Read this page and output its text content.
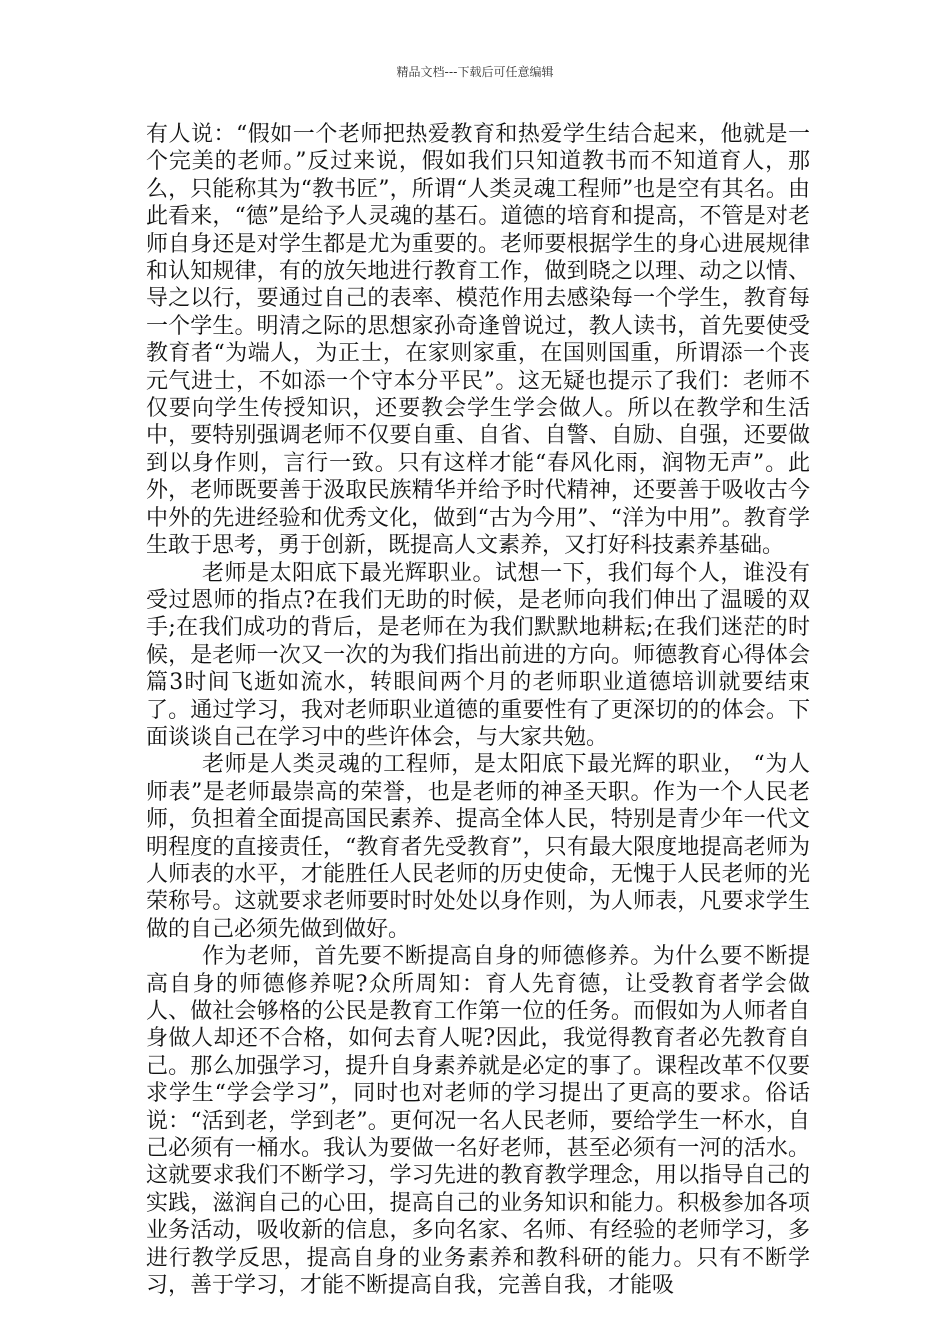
精品文档---下载后可任意编辑

有人说：“假如一个老师把热爱教育和热爱学生结合起来，他就是一个完美的老师。”反过来说，假如我们只知道教书而不知道育人，那么，只能称其为“教书匠”，所谓“人类灵魂工程师”也是空有其名。由此看来，“德”是给予人灵魂的基石。道德的培育和提高，不管是对老师自身还是对学生都是尤为重要的。老师要根据学生的身心进展规律和认知规律，有的放矢地进行教育工作，做到晓之以理、动之以情、导之以行，要通过自己的表率、模范作用去感染每一个学生，教育每一个学生。明清之际的思想家孙奇逢曾说过，教人读书，首先要使受教育者“为端人，为正士，在家则家重，在国则国重，所谓添一个丧元气进士，不如添一个守本分平民”。这无疑也提示了我们：老师不仅要向学生传授知识，还要教会学生学会做人。所以在教学和生活中，要特别强调老师不仅要自重、自省、自警、自励、自强，还要做到以身作则，言行一致。只有这样才能“春风化雨，润物无声”。此外，老师既要善于汲取民族精华并给予时代精神，还要善于吸收古今中外的先进经验和优秀文化，做到“古为今用”、“洋为中用”。教育学生敢于思考，勇于创新，既提高人文素养，又打好科技素养基础。

老师是太阳底下最光辉职业。试想一下，我们每个人，谁没有受过恩师的指点?在我们无助的时候，是老师向我们伸出了温暖的双手;在我们成功的背后，是老师在为我们默默地耕耘;在我们迷茫的时候，是老师一次又一次的为我们指出前进的方向。师德教育心得体会 篇3时间飞逝如流水，转眼间两个月的老师职业道德培训就要结束了。通过学习，我对老师职业道德的重要性有了更深切的的体会。下面谈谈自己在学习中的些许体会，与大家共勉。

老师是人类灵魂的工程师，是太阳底下最光辉的职业， “为人师表”是老师最崇高的荣誉，也是老师的神圣天职。作为一个人民老师，负担着全面提高国民素养、提高全体人民，特别是青少年一代文明程度的直接责任，“教育者先受教育”，只有最大限度地提高老师为人师表的水平，才能胜任人民老师的历史使命，无愧于人民老师的光荣称号。这就要求老师要时时处处以身作则，为人师表，凡要求学生做的自己必须先做到做好。

作为老师，首先要不断提高自身的师德修养。为什么要不断提高自身的师德修养呢?众所周知：育人先育德，让受教育者学会做人、做社会够格的公民是教育工作第一位的任务。而假如为人师者自身做人却还不合格，如何去育人呢?因此，我觉得教育者必先教育自己。那么加强学习，提升自身素养就是必定的事了。课程改革不仅要求学生“学会学习”，同时也对老师的学习提出了更高的要求。俗话说：“活到老，学到老”。更何况一名人民老师，要给学生一杯水，自己必须有一桶水。我认为要做一名好老师，甚至必须有一河的活水。这就要求我们不断学习，学习先进的教育教学理念，用以指导自己的实践，滋润自己的心田，提高自己的业务知识和能力。积极参加各项业务活动，吸收新的信息，多向名家、名师、有经验的老师学习，多进行教学反思，提高自身的业务素养和教科研的能力。只有不断学习，善于学习，才能不断提高自我，完善自我，才能吸
